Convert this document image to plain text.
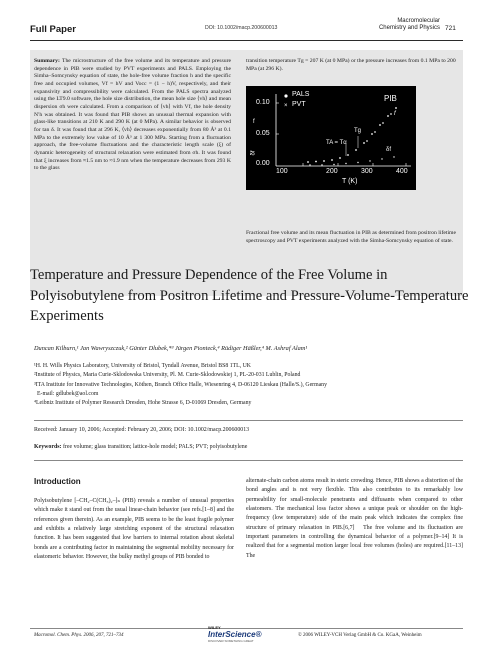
Full Paper	DOI: 10.1002/macp.200600013
Macromolecular
Chemistry and Physics 721
Summary: The microstructure of the free volume and its temperature and pressure dependence in PIB were studied by PVT experiments and PALS. Employing the Simha–Somcynsky equation of state, the hole-free volume fraction h and the specific free and occupied volumes, Vf = hV and Vocc = (1 − h)V, respectively, and their expansivity and compressibility were calculated. From the PALS spectra analyzed using the LT9.0 software, the hole size distribution, the mean hole size ⟨vh⟩ and mean dispersion σh were calculated. From a comparison of ⟨vh⟩ with Vf, the hole density N′h was obtained. It was found that PIB shows an unusual thermal expansion with glass-like transitions at 210 K and 290 K (at 0 MPa). A similar behavior is observed for tan δ. It was found that at 296 K, ⟨vh⟩ decreases exponentially from 80 Å³ at 0.1 MPa to the extremely low value of 10 Å³ at 1 300 MPa. Starting from a fluctuation approach, the free-volume fluctuations and the characteristic length scale (ξ) of dynamic heterogeneity of structural relaxation were estimated from σh. It was found that ξ increases from ≈1.5 nm to ≈1.9 nm when the temperature decreases from 293 K to the glass
transition temperature Tg = 207 K (at 0 MPa) or the pressure increases from 0.1 MPa to 200 MPa (at 296 K).
×
PALS
PVT
PIB
f
Tg
TA = Tα
δf
f
δf
0.10
0.05
0.00
100	200	300	400
T (K)
Fractional free volume and its mean fluctuation in PIB as determined from positron lifetime spectroscopy and PVT experiments analyzed with the Simha-Somcynsky equation of state.
Temperature and Pressure Dependence of the Free Volume in Polyisobutylene from Positron Lifetime and Pressure-Volume-Temperature Experiments
Duncan Kilburn,¹ Jan Wawryszczuk,² Günter Dlubek,*³ Jürgen Pionteck,⁴ Rüdiger Häßler,⁴ M. Ashraf Alam¹
¹H. H. Wills Physics Laboratory, University of Bristol, Tyndall Avenue, Bristol BS8 1TL, UK
²Institute of Physics, Maria Curie-Sklodowska University, Pl. M. Curie-Sklodowskiej 1, PL-20-031 Lublin, Poland
³ITA Institute for Innovative Technologies, Köthen, Branch Office Halle, Wiesenring 4, D-06120 Lieskau (Halle/S.), Germany
E-mail: gdlubek@aol.com
⁴Leibniz Institute of Polymer Research Dresden, Hohe Strasse 6, D-01069 Dresden, Germany
Received: January 10, 2006; Accepted: February 20, 2006; DOI: 10.1002/macp.200600013
Keywords: free volume; glass transition; lattice-hole model; PALS; PVT; polyisobutylene
Introduction
Polyisobutylene [–CH₂–C(CH₃)₂–]ₙ (PIB) reveals a number of unusual properties which make it stand out from the usual linear-chain behavior (see refs.[1–8] and the references given therein). As an example, PIB seems to be the least fragile polymer and exhibits a relatively large stretching exponent of the structural relaxation function. It has been suggested that low barriers to internal rotation about skeletal bonds are a contributing factor in maintaining the segmental mobility necessary for elastomeric behavior. However, the bulky methyl groups of PIB bonded to
alternate-chain carbon atoms result in steric crowding. Hence, PIB shows a distortion of the bond angles and is not very flexible. This also contributes to its remarkably low permeability for small-molecule penetrants and diffusants when compared to other elastomers. The mechanical loss factor shows a unique peak or shoulder on the high-frequency (low temperature) side of the main peak which indicates the complex fine structure of primary relaxation in PIB.[6,7]   The free volume and its fluctuation are important parameters in controlling the dynamical behavior of a polymer.[9–14] It is realized that for a segmental motion larger local free volumes (holes) are required.[11–13] The
Macromol. Chem. Phys. 2006, 207, 721–734
WILEY
InterScience®
DISCOVER SOMETHING GREAT
© 2006 WILEY-VCH Verlag GmbH & Co. KGaA, Weinheim
